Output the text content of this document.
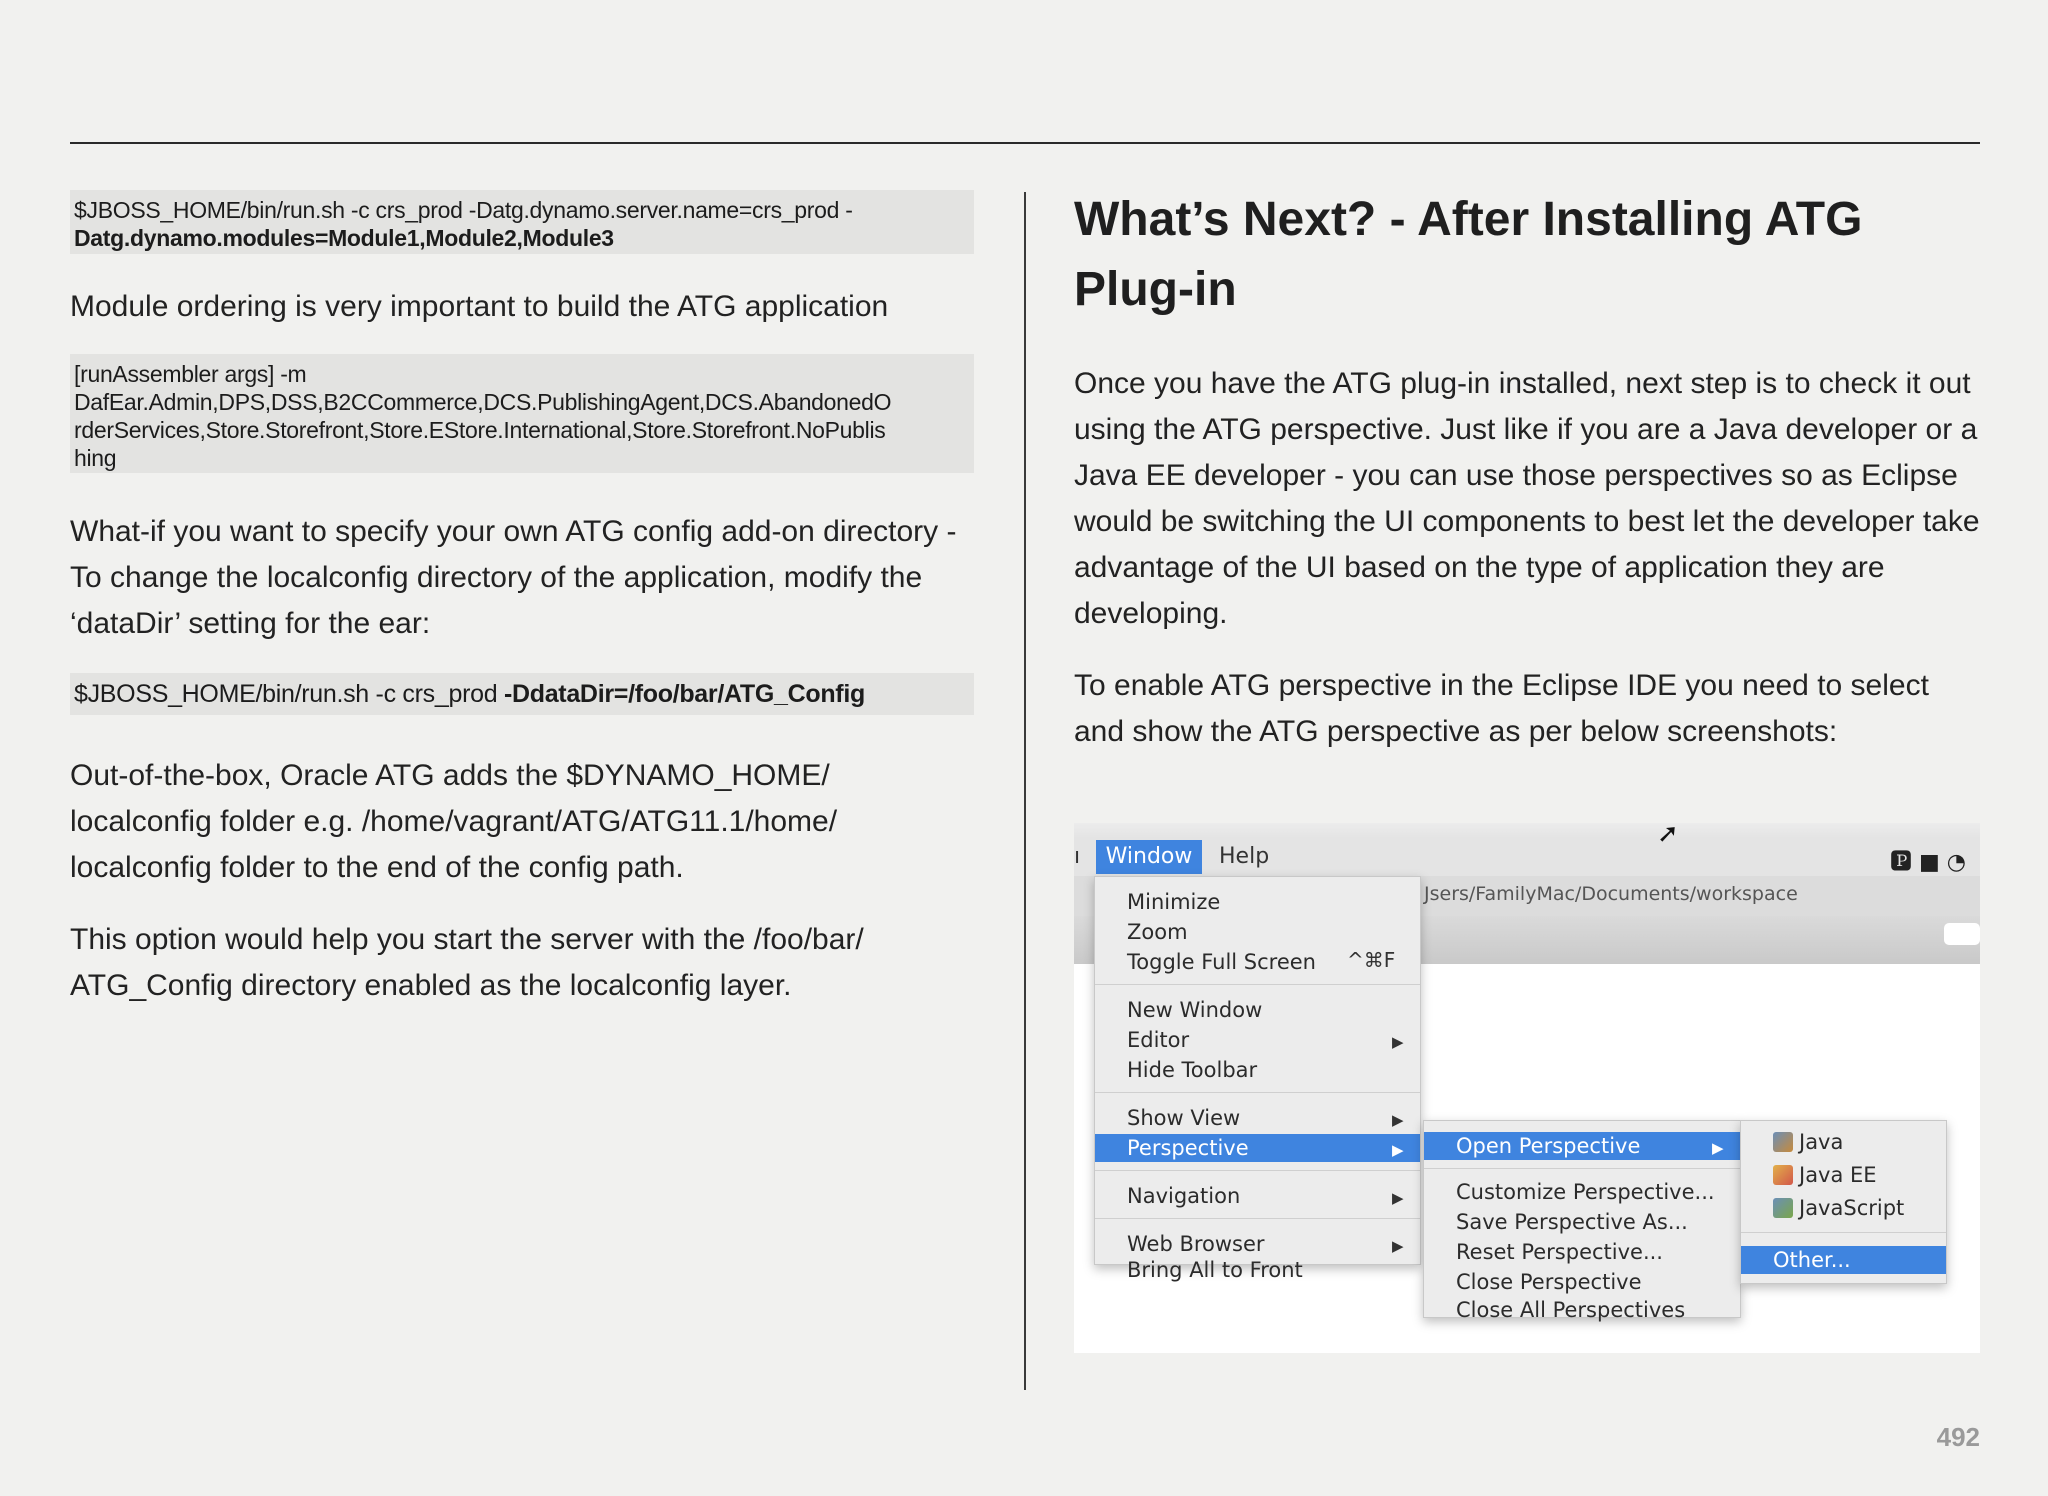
$JBOSS_HOME/bin/run.sh -c crs_prod -Datg.dynamo.server.name=crs_prod -
Datg.dynamo.modules=Module1,Module2,Module3

Module ordering is very important to build the ATG application

[runAssembler args] -m
DafEar.Admin,DPS,DSS,B2CCommerce,DCS.PublishingAgent,DCS.AbandonedO
rderServices,Store.Storefront,Store.EStore.International,Store.Storefront.NoPublis
hing

What-if you want to specify your own ATG config add-on directory - To change the localconfig directory of the application, modify the ‘dataDir’ setting for the ear:

$JBOSS_HOME/bin/run.sh -c crs_prod -DdataDir=/foo/bar/ATG_Config

Out-of-the-box, Oracle ATG adds the $DYNAMO_HOME/ localconfig folder e.g. /home/vagrant/ATG/ATG11.1/home/ localconfig folder to the end of the config path.

This option would help you start the server with the /foo/bar/ ATG_Config directory enabled as the localconfig layer.

What’s Next? - After Installing ATG Plug-in

Once you have the ATG plug-in installed, next step is to check it out using the ATG perspective. Just like if you are a Java developer or a Java EE developer - you can use those perspectives so as Eclipse would be switching the UI components to best let the developer take advantage of the UI based on the type of application they are developing.

To enable ATG perspective in the Eclipse IDE you need to select and show the ATG perspective as per below screenshots:

ı	Window	Help
➚
🅿 ■ ◔
Jsers/FamilyMac/Documents/workspace
Minimize
Zoom
Toggle Full Screen	^⌘F
New Window
Editor	▶
Hide Toolbar
Show View	▶
Perspective	▶
Navigation	▶
Web Browser	▶
Bring All to Front
Open Perspective	▶
Customize Perspective...
Save Perspective As...
Reset Perspective...
Close Perspective
Close All Perspectives
Java
Java EE
JavaScript
Other...
492
